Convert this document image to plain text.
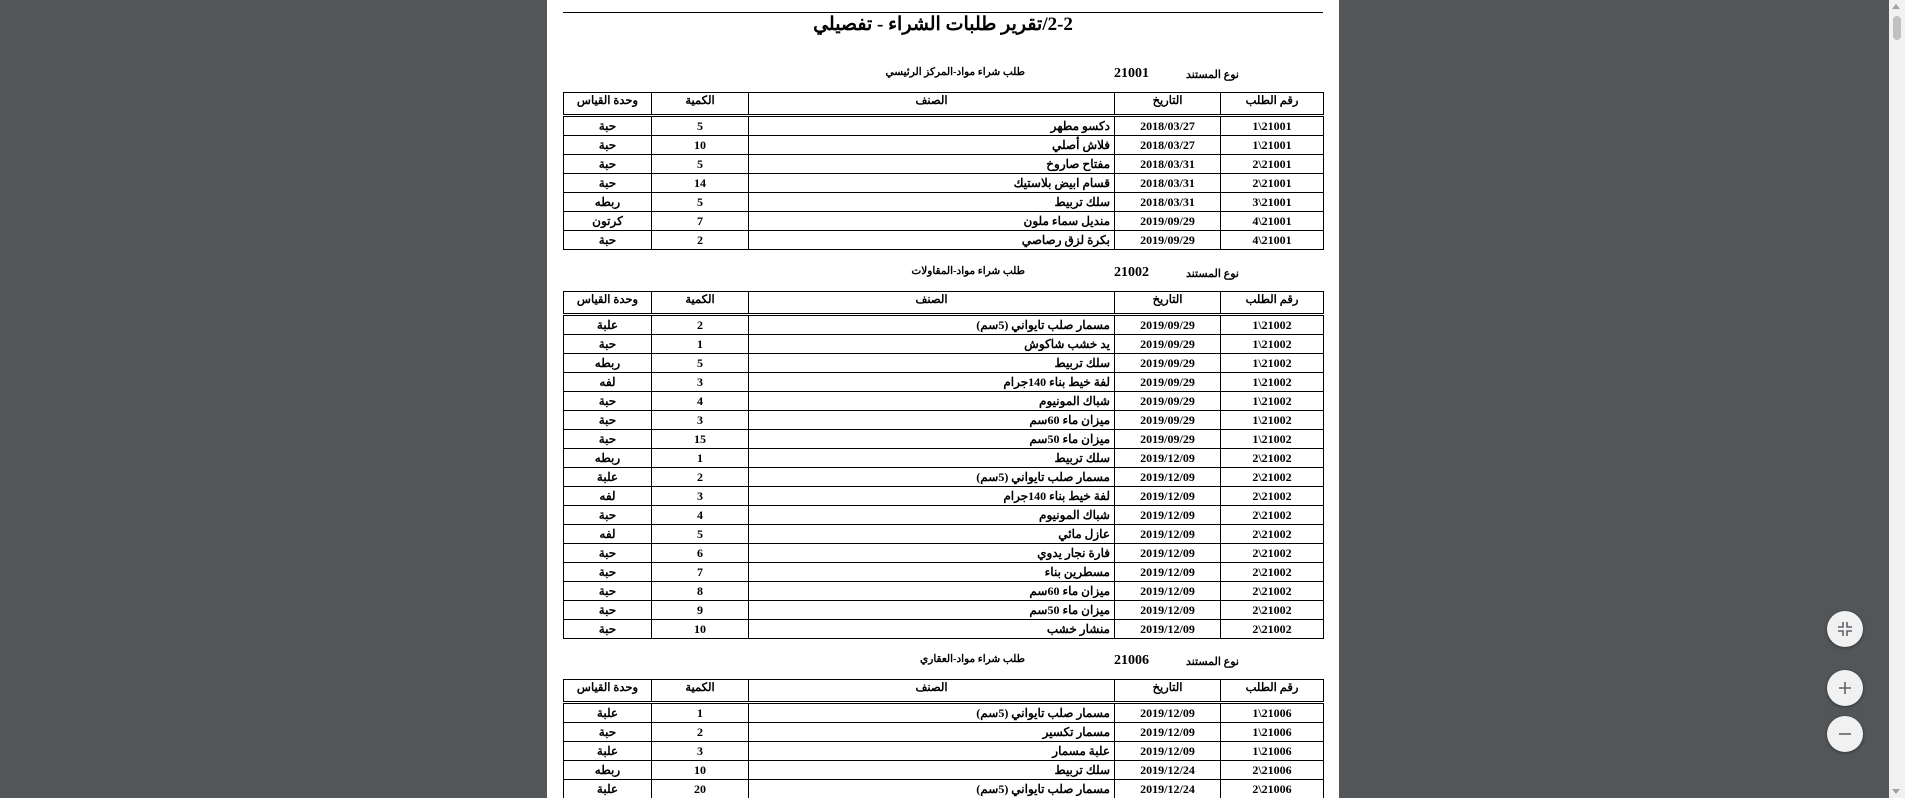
2-2/تقرير طلبات الشراء - تفصيلي
نوع المستند
21001
طلب شراء مواد-المركز الرئيسي
رقم الطلب	التاريخ	الصنف	الكمية	وحدة القياس
21001\1	2018/03/27	دكسو مطهر	5	حبة
21001\1	2018/03/27	فلاش أصلي	10	حبة
21001\2	2018/03/31	مفتاح صاروخ	5	حبة
21001\2	2018/03/31	قسام ابيض بلاستيك	14	حبة
21001\3	2018/03/31	سلك تربيط	5	ربطه
21001\4	2019/09/29	منديل سماء ملون	7	كرتون
21001\4	2019/09/29	بكرة لزق رصاصي	2	حبة
نوع المستند
21002
طلب شراء مواد-المقاولات
رقم الطلب	التاريخ	الصنف	الكمية	وحدة القياس
21002\1	2019/09/29	مسمار صلب تايواني (5سم)	2	علبة
21002\1	2019/09/29	يد خشب شاكوش	1	حبة
21002\1	2019/09/29	سلك تربيط	5	ربطه
21002\1	2019/09/29	لفة خيط بناء 140جرام	3	لفه
21002\1	2019/09/29	شباك المونيوم	4	حبة
21002\1	2019/09/29	ميزان ماء 60سم	3	حبة
21002\1	2019/09/29	ميزان ماء 50سم	15	حبة
21002\2	2019/12/09	سلك تربيط	1	ربطه
21002\2	2019/12/09	مسمار صلب تايواني (5سم)	2	علبة
21002\2	2019/12/09	لفة خيط بناء 140جرام	3	لفه
21002\2	2019/12/09	شباك المونيوم	4	حبة
21002\2	2019/12/09	عازل مائي	5	لفه
21002\2	2019/12/09	فارة نجار يدوي	6	حبة
21002\2	2019/12/09	مسطرين بناء	7	حبة
21002\2	2019/12/09	ميزان ماء 60سم	8	حبة
21002\2	2019/12/09	ميزان ماء 50سم	9	حبة
21002\2	2019/12/09	منشار خشب	10	حبة
نوع المستند
21006
طلب شراء مواد-العقاري
رقم الطلب	التاريخ	الصنف	الكمية	وحدة القياس
21006\1	2019/12/09	مسمار صلب تايواني (5سم)	1	علبة
21006\1	2019/12/09	مسمار تكسير	2	حبة
21006\1	2019/12/09	علبة مسمار	3	علبة
21006\2	2019/12/24	سلك تربيط	10	ربطه
21006\2	2019/12/24	مسمار صلب تايواني (5سم)	20	علبة
